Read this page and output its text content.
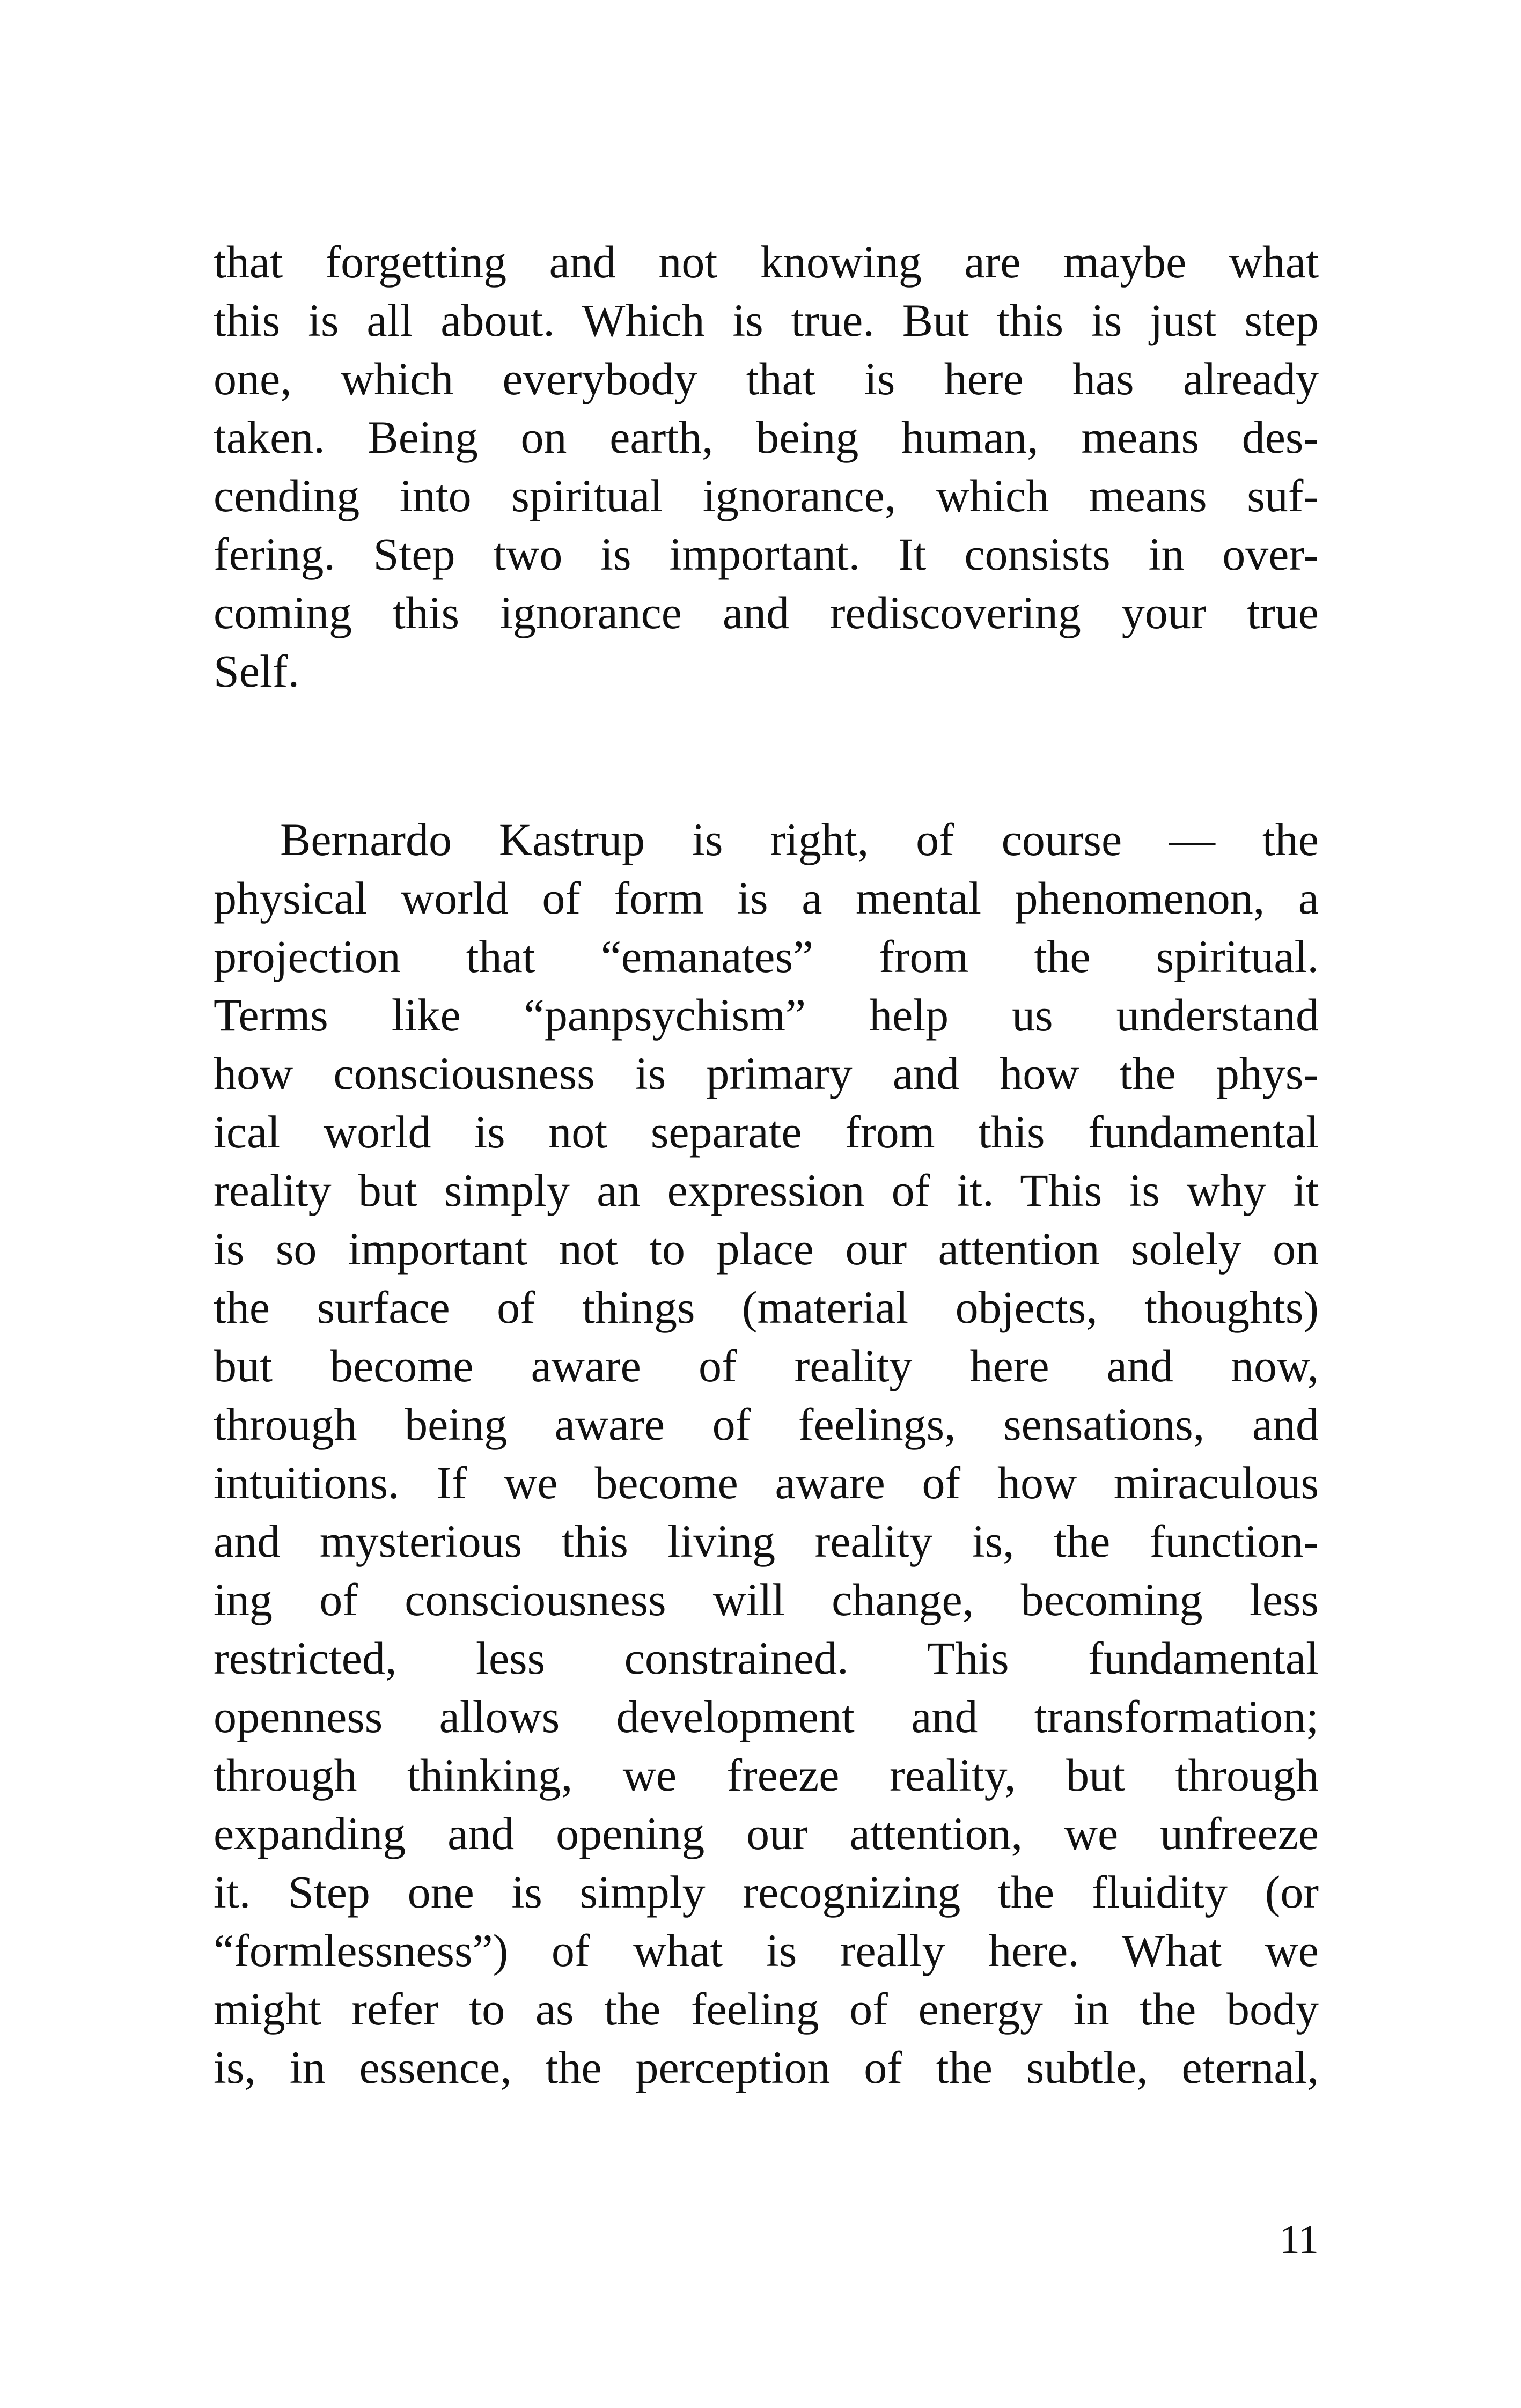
that forgetting and not knowing are maybe what
this is all about. Which is true. But this is just step
one, which everybody that is here has already
taken. Being on earth, being human, means des-
cending into spiritual ignorance, which means suf-
fering. Step two is important. It consists in over-
coming this ignorance and rediscovering your true
Self.
Bernardo Kastrup is right, of course — the
physical world of form is a mental phenomenon, a
projection that “emanates” from the spiritual.
Terms like “panpsychism” help us understand
how consciousness is primary and how the phys-
ical world is not separate from this fundamental
reality but simply an expression of it. This is why it
is so important not to place our attention solely on
the surface of things (material objects, thoughts)
but become aware of reality here and now,
through being aware of feelings, sensations, and
intuitions. If we become aware of how miraculous
and mysterious this living reality is, the function-
ing of consciousness will change, becoming less
restricted, less constrained. This fundamental
openness allows development and transformation;
through thinking, we freeze reality, but through
expanding and opening our attention, we unfreeze
it. Step one is simply recognizing the fluidity (or
“formlessness”) of what is really here. What we
might refer to as the feeling of energy in the body
is, in essence, the perception of the subtle, eternal,
11
